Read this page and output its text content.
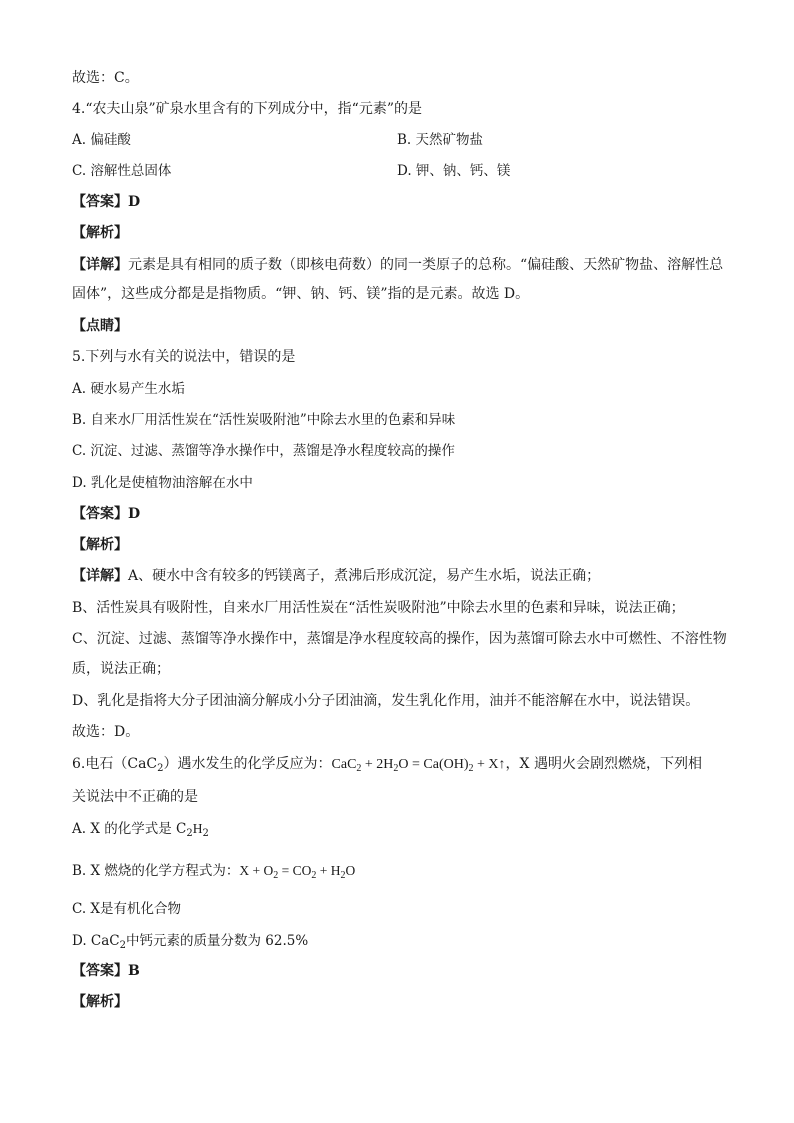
故选：C。
4.“农夫山泉”矿泉水里含有的下列成分中，指“元素”的是
A. 偏硅酸	B. 天然矿物盐
C. 溶解性总固体	D. 钾、钠、钙、镁
【答案】D
【解析】
【详解】元素是具有相同的质子数（即核电荷数）的同一类原子的总称。“偏硅酸、天然矿物盐、溶解性总
固体”，这些成分都是是指物质。“钾、钠、钙、镁”指的是元素。故选 D。
【点睛】
5.下列与水有关的说法中，错误的是
A. 硬水易产生水垢
B. 自来水厂用活性炭在“活性炭吸附池”中除去水里的色素和异味
C. 沉淀、过滤、蒸馏等净水操作中，蒸馏是净水程度较高的操作
D. 乳化是使植物油溶解在水中
【答案】D
【解析】
【详解】A、硬水中含有较多的钙镁离子，煮沸后形成沉淀，易产生水垢，说法正确；
B、活性炭具有吸附性，自来水厂用活性炭在“活性炭吸附池”中除去水里的色素和异味，说法正确；
C、沉淀、过滤、蒸馏等净水操作中，蒸馏是净水程度较高的操作，因为蒸馏可除去水中可燃性、不溶性物
质，说法正确；
D、乳化是指将大分子团油滴分解成小分子团油滴，发生乳化作用，油并不能溶解在水中，说法错误。
故选：D。
6.电石（CaC$_2$）遇水发生的化学反应为：$CaC_2 + 2H_2O = Ca(OH)_2$ + X↑，X 遇明火会剧烈燃烧，下列相
关说法中不正确的是
A. X 的化学式是 $C_2H_2$
B. X 燃烧的化学方程式为：$X + O_2 = CO_2 + H_2O$
C. X是有机化合物
D. CaC$_2$中钙元素的质量分数为 62.5%
【答案】B
【解析】
